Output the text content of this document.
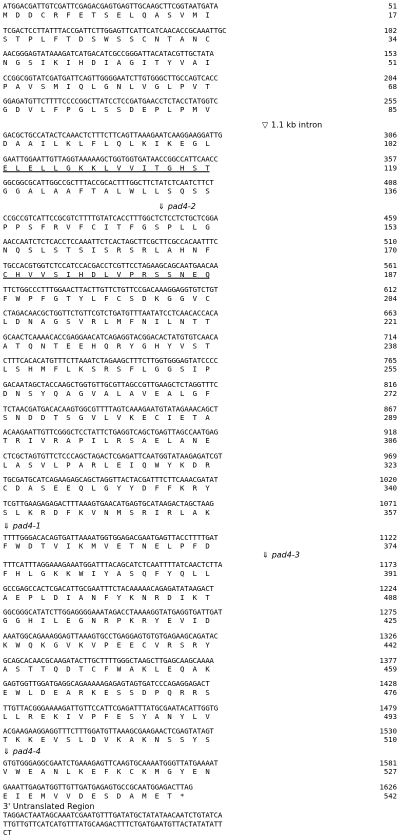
ATGGACGATTGTCGATTCGAGACGAGTGAGTTGCAAGCTTCGGTAATGATA	51
M  D  D  C  R  F  E  T  S  E  L  Q  A  S  V  M  I	17
TCGACTCCTTATTTACCGATTCTTGGAGTTCATTCATCAACACCGCAAATTGC	102
S  T  P  L  F  T  D  S  W  S  S  C  N  T  A  N  C	34
AACGGGAGTATAAAGATCATGACATCGCCGGGATTACATACGTTGCTATA	153
N  G  S  I  K  I  H  D  I  A  G  I  T  Y  V  A  I	51
CCGGCGGTATCGATGATTCAGTTGGGGAATCTTGTGGGCTTGCCAGTCACC	204
P  A  V  S  M  I  Q  L  G  N  L  V  G  L  P  V  T	68
GGAGATGTTCTTTTCCCCGGCTTATCCTCCGATGAACCTCTACCTATGGTC	255
G  D  V  L  F  P  G  L  S  S  D  E  P  L  P  M  V	85
GACGCTGCCATACTCAAACTCTTTCTTCAGTTAAAGAATCAAGGAAGGATTG	306
D  A  A  I  L  K  L  F  L  Q  L  K  I  K  E  G  L	102
GAATTGGAATTGTTAGGTAAAAAGCTGGTGGTGATAACCGGCCATTCAACC	357
E  L  E  L  L  G  K  K  L  V  V  I  T  G  H  S  T	119
GGCGGCGCATTGGCCGCTTTACCGCACTTTGGCTTCTATCTCAATCTTCT	408
G  G  A  L  A  A  F  T  A  L  W  L  L  S  Q  S  S	136
CCGCCGTCATTCCGCGTCTTTTGTATCACCTTTGGCTCTCCTCTGCTCGGA	459
P  P  S  F  R  V  F  C  I  T  F  G  S  P  L  L  G	153
AACCAATCTCTCACCTCCAAATTCTCACTAGCTTCGCTTCGCCACAATTTC	510
N  Q  S  L  S  T  S  I  S  R  S  R  L  A  H  N  F	170
TGCCACGTGGTCTCCATCCACGACCTCGTTCCTAGAAGCAGCAATGAACAA	561
C  H  V  V  S  I  H  D  L  V  P  R  S  S  N  E  Q	187
TTCTGGCCCTTTGGAACTTACTTGTTCTGTTCCGACAAAGGAGGTGTCTGT	612
F  W  P  F  G  T  Y  L  F  C  S  D  K  G  G  V  C	204
CTAGACAACGCTGGTTCTGTTCGTCTGATGTTTAATATCCTCAACACCACA	663
L  D  N  A  G  S  V  R  L  M  F  N  I  L  N  T  T	221
GCAACTCAAAACACCGAGGAACATCAGAGGTACGGACACTATGTGTCAACA	714
A  T  Q  N  T  E  E  H  Q  R  Y  G  H  Y  V  S  T	238
CTTTCACACATGTTTCTTAAATCTAGAAGCTTTCTTGGTGGGAGTATCCCC	765
L  S  H  M  F  L  K  S  R  S  F  L  G  G  S  I  P	255
GACAATAGCTACCAAGCTGGTGTTGCGTTAGCCGTTGAAGCTCTAGGTTTC	816
D  N  S  Y  Q  A  G  V  A  L  A  V  E  A  L  G  F	272
TCTAACGATGACACAAGTGGCGTTTTAGTCAAAGAATGTATAGAAACAGCT	867
S  N  D  D  T  S  G  V  L  V  K  E  C  I  E  T  A	289
ACAAGAATTGTTCGGGCTCCTATTCTGAGGTCAGCTGAGTTAGCCAATGAG	918
T  R  I  V  R  A  P  I  L  R  S  A  E  L  A  N  E	306
CTCGCTAGTGTTCTCCCAGCTAGACTCGAGATTCAATGGTATAAGAGATCGT	969
L  A  S  V  L  P  A  R  L  E  I  Q  W  Y  K  D  R	323
TGCGATGCATCAGAAGAGCAGCTAGGTTACTACGATTTCTTCAAACGATAT	1020
C  D  A  S  E  E  Q  L  G  Y  Y  D  F  F  K  R  Y	340
TCGTTGAAGAGAGACTTTAAAGTGAACATGAGTGCATAAGACTAGCTAAG	1071
S  L  K  R  D  F  K  V  N  M  S  R  I  R  L  A  K	357
TTTTGGGACACAGTGATTAAAATGGTGGAGACGAATGAGTTACCTTTTGAT	1122
F  W  D  T  V  I  K  M  V  E  T  N  E  L  P  F  D	374
TTTCATTTAGGAAAGAAATGGATTTACAGCATCTCAATTTTATCAACTCTTA	1173
F  H  L  G  K  K  W  I  Y  A  S  Q  F  Y  Q  L  L	391
GCCGAGCCACTCGACATTGCGAATTTCTACAAAAACAGAGATATAAGACT	1224
A  E  P  L  D  I  A  N  F  Y  K  N  R  D  I  K  T	408
GGCGGGCATATCTTGGAGGGGAAATAGACCTAAAAGGTATGAGGTGATTGAT	1275
G  G  H  I  L  E  G  N  R  P  K  R  Y  E  V  I  D	425
AAATGGCAGAAAGGAGTTAAAGTGCCTGAGGAGTGTGTGAGAAGCAGATAC	1326
K  W  Q  K  G  V  K  V  P  E  E  C  V  R  S  R  Y	442
GCAGCACAACGCAAGATACTTGCTTTTGGGCTAAGCTTGAGCAAGCAAAA	1377
A  S  T  T  Q  D  T  C  F  W  A  K  L  E  Q  A  K	459
GAGTGGTTGGATGAGGCAGAAAAAGAGAGTAGTGATCCCAGAGGAGACT	1428
E  W  L  D  E  A  R  K  E  S  S  D  P  Q  R  R  S	476
TTGTTACGGGAAAAGATTGTTCCATTCGAGATTTATGCGAATACATTGGTG	1479
L  L  R  E  K  I  V  P  F  E  S  Y  A  N  Y  L  V	493
ACGAAGAAGGAGGTTTCTTTGGATGTTAAAGCGAAGAACTCGAGTATAGT	1530
T  K  K  E  V  S  L  D  V  K  A  K  N  S  S  Y  S	510
GTGTGGGAGGCGAATCTGAAAGAGTTCAAGTGCAAAATGGGTTATGAAAAT	1581
V  W  E  A  N  L  K  E  F  K  C  K  M  G  Y  E  N	527
GAAATTGAGATGGTTGTTGATGAGAGTGCCGCAATGGAGACTTAG	1626
E  I  E  M  V  V  D  E  S  D  A  M  E  T  *	542
▽ 1.1 kb intron
⇓ pad4-2
⇓ pad4-1
⇓ pad4-3
⇓ pad4-4
3' Untranslated Region
TAGGACTAATAGCAAATCGAATGTTTGATATGCTATATAACAATCTGTATCA
TTGTTGTTCATCATGTTTATGCAAGACTTTCTGATGAATGTTACTATATATT
CT
